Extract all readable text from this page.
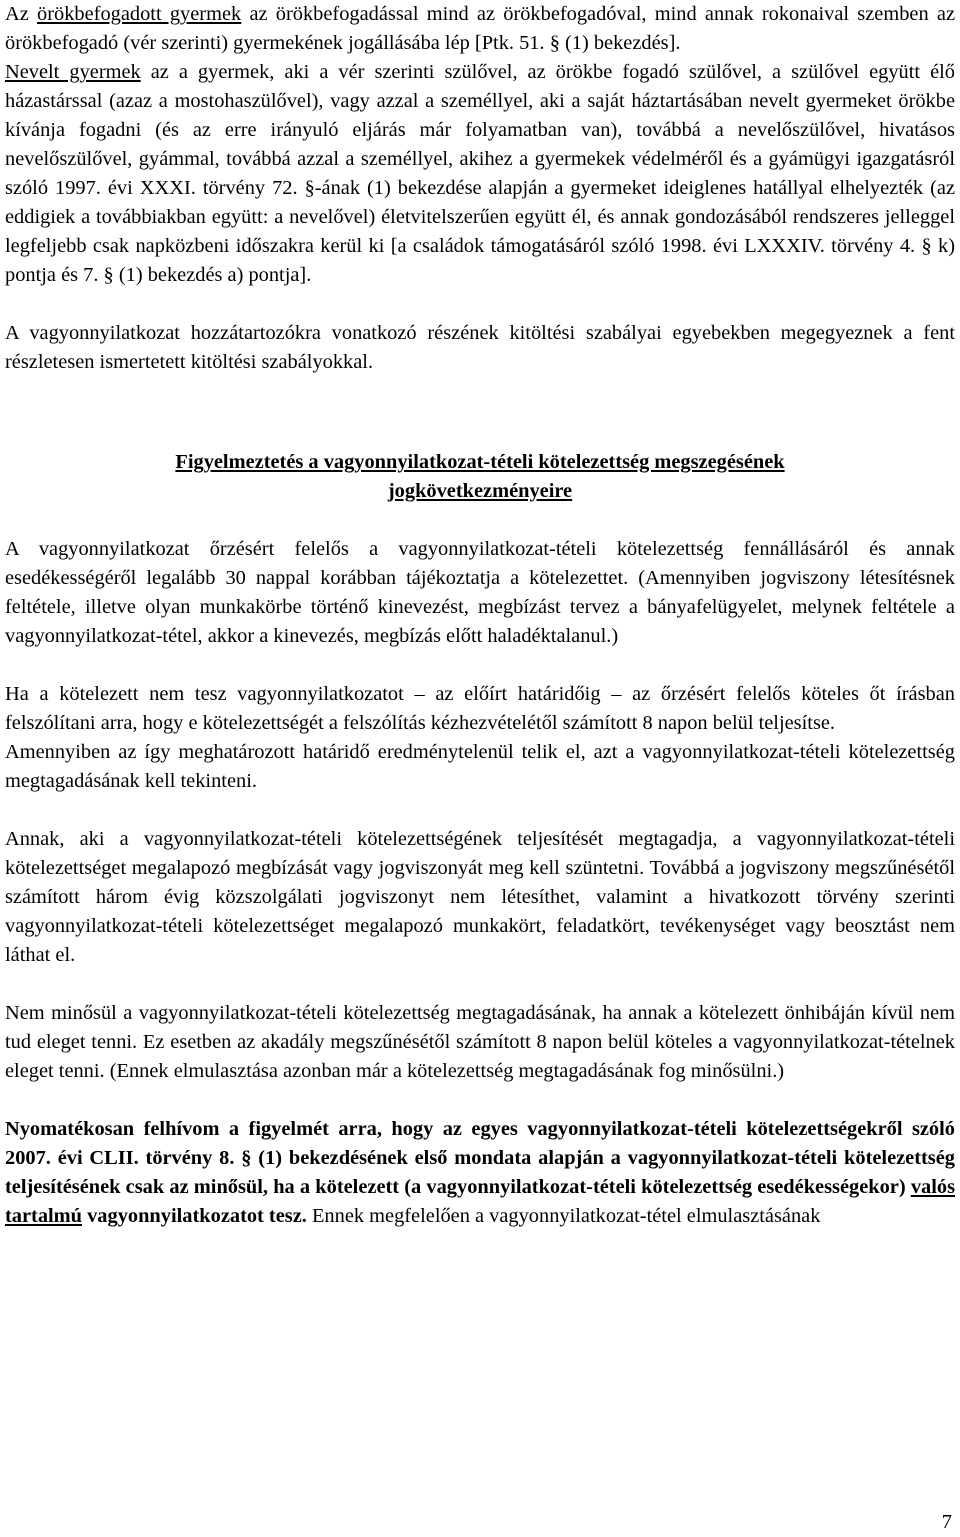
Az örökbefogadott gyermek az örökbefogadással mind az örökbefogadóval, mind annak rokonaival szemben az örökbefogadó (vér szerinti) gyermekének jogállásába lép [Ptk. 51. § (1) bekezdés].

Nevelt gyermek az a gyermek, aki a vér szerinti szülővel, az örökbe fogadó szülővel, a szülővel együtt élő házastárssal (azaz a mostohaszülővel), vagy azzal a személlyel, aki a saját háztartásában nevelt gyermeket örökbe kívánja fogadni (és az erre irányuló eljárás már folyamatban van), továbbá a nevelőszülővel, hivatásos nevelőszülővel, gyámmal, továbbá azzal a személlyel, akihez a gyermekek védelméről és a gyámügyi igazgatásról szóló 1997. évi XXXI. törvény 72. §-ának (1) bekezdése alapján a gyermeket ideiglenes hatállyal elhelyezték (az eddigiek a továbbiakban együtt: a nevelővel) életvitelszerűen együtt él, és annak gondozásából rendszeres jelleggel legfeljebb csak napközbeni időszakra kerül ki [a családok támogatásáról szóló 1998. évi LXXXIV. törvény 4. § k) pontja és 7. § (1) bekezdés a) pontja].

A vagyonnyilatkozat hozzátartozókra vonatkozó részének kitöltési szabályai egyebekben megegyeznek a fent részletesen ismertetett kitöltési szabályokkal.

Figyelmeztetés a vagyonnyilatkozat-tételi kötelezettség megszegésének jogkövetkezményeire

A vagyonnyilatkozat őrzésért felelős a vagyonnyilatkozat-tételi kötelezettség fennállásáról és annak esedékességéről legalább 30 nappal korábban tájékoztatja a kötelezettet. (Amennyiben jogviszony létesítésnek feltétele, illetve olyan munkakörbe történő kinevezést, megbízást tervez a bányafelügyelet, melynek feltétele a vagyonnyilatkozat-tétel, akkor a kinevezés, megbízás előtt haladéktalanul.)

Ha a kötelezett nem tesz vagyonnyilatkozatot – az előírt határidőig – az őrzésért felelős köteles őt írásban felszólítani arra, hogy e kötelezettségét a felszólítás kézhezvételétől számított 8 napon belül teljesítse.

Amennyiben az így meghatározott határidő eredménytelenül telik el, azt a vagyonnyilatkozat-tételi kötelezettség megtagadásának kell tekinteni.

Annak, aki a vagyonnyilatkozat-tételi kötelezettségének teljesítését megtagadja, a vagyonnyilatkozat-tételi kötelezettséget megalapozó megbízását vagy jogviszonyát meg kell szüntetni. Továbbá a jogviszony megszűnésétől számított három évig közszolgálati jogviszonyt nem létesíthet, valamint a hivatkozott törvény szerinti vagyonnyilatkozat-tételi kötelezettséget megalapozó munkakört, feladatkört, tevékenységet vagy beosztást nem láthat el.

Nem minősül a vagyonnyilatkozat-tételi kötelezettség megtagadásának, ha annak a kötelezett önhibáján kívül nem tud eleget tenni. Ez esetben az akadály megszűnésétől számított 8 napon belül köteles a vagyonnyilatkozat-tételnek eleget tenni. (Ennek elmulasztása azonban már a kötelezettség megtagadásának fog minősülni.)

Nyomatékosan felhívom a figyelmét arra, hogy az egyes vagyonnyilatkozat-tételi kötelezettségekről szóló 2007. évi CLII. törvény 8. § (1) bekezdésének első mondata alapján a vagyonnyilatkozat-tételi kötelezettség teljesítésének csak az minősül, ha a kötelezett (a vagyonnyilatkozat-tételi kötelezettség esedékességekor) valós tartalmú vagyonnyilatkozatot tesz. Ennek megfelelően a vagyonnyilatkozat-tétel elmulasztásának

7
